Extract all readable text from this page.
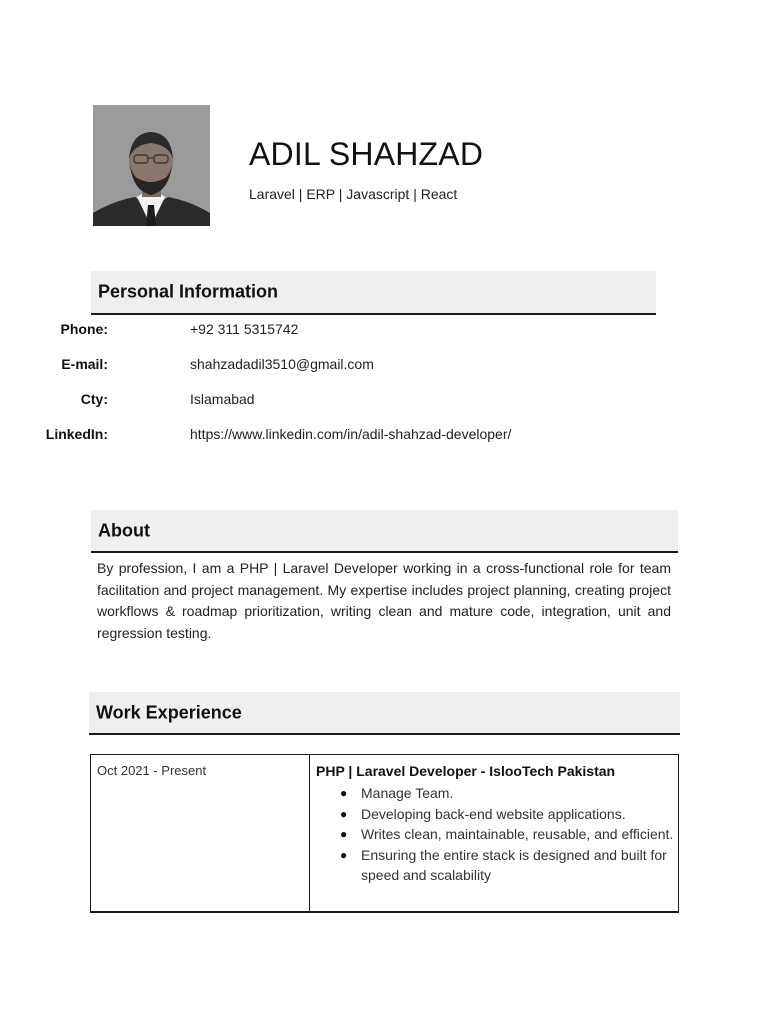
ADIL SHAHZAD
Laravel | ERP | Javascript | React
Personal Information
Phone:	+92 311 5315742
E-mail:	shahzadadil3510@gmail.com
Cty:	Islamabad
LinkedIn:	https://www.linkedin.com/in/adil-shahzad-developer/
About
By profession, I am a PHP | Laravel Developer working in a cross-functional role for team facilitation and project management. My expertise includes project planning, creating project workflows & roadmap prioritization, writing clean and mature code, integration, unit and regression testing.
Work Experience
Oct 2021 - Present	PHP | Laravel Developer - IslooTech Pakistan
● Manage Team.
● Developing back-end website applications.
● Writes clean, maintainable, reusable, and efficient.
● Ensuring the entire stack is designed and built for speed and scalability
